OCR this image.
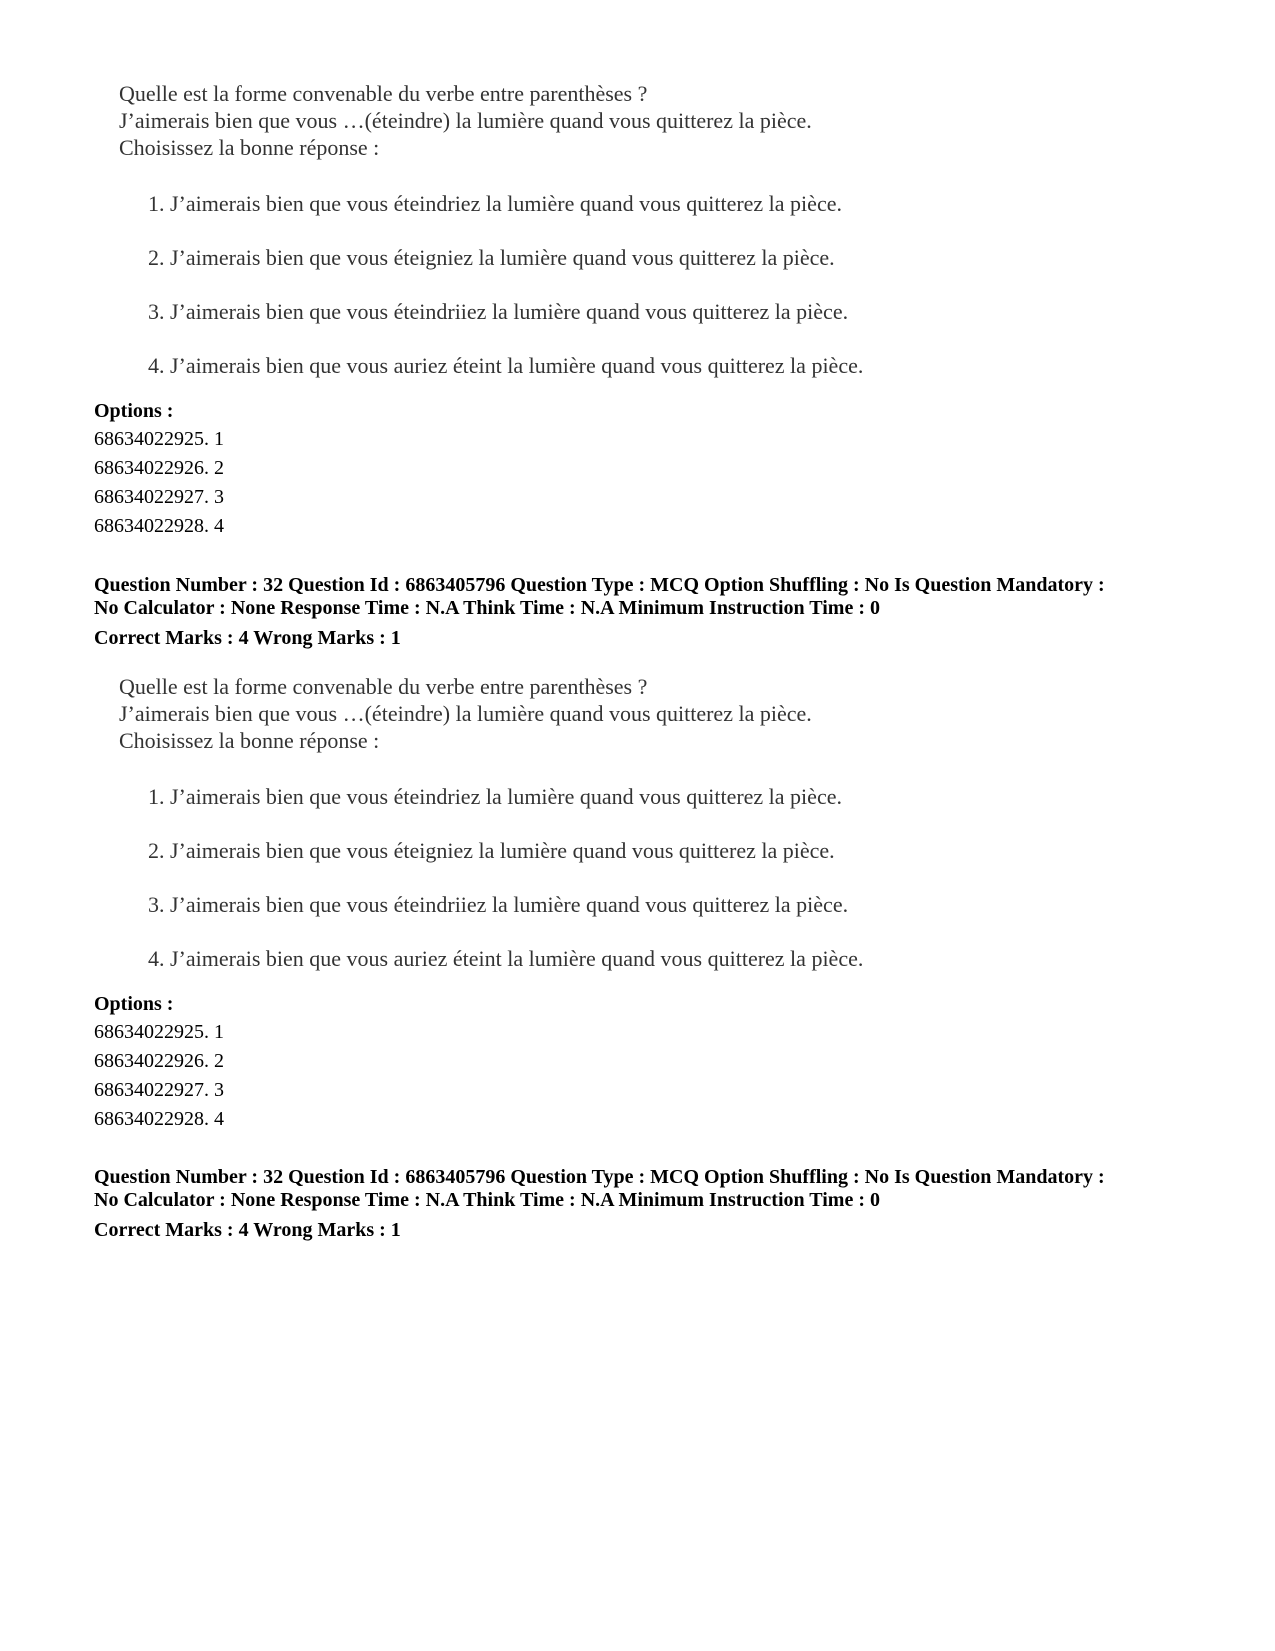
Quelle est la forme convenable du verbe entre parenthèses ?
J’aimerais bien que vous …(éteindre) la lumière quand vous quitterez la pièce.
Choisissez la bonne réponse :
1. J’aimerais bien que vous éteindriez la lumière quand vous quitterez la pièce.
2. J’aimerais bien que vous éteigniez la lumière quand vous quitterez la pièce.
3. J’aimerais bien que vous éteindriiez la lumière quand vous quitterez la pièce.
4. J’aimerais bien que vous auriez éteint la lumière quand vous quitterez la pièce.
Options :
68634022925. 1
68634022926. 2
68634022927. 3
68634022928. 4
Question Number : 32 Question Id : 6863405796 Question Type : MCQ Option Shuffling : No Is Question Mandatory :
No Calculator : None Response Time : N.A Think Time : N.A Minimum Instruction Time : 0
Correct Marks : 4 Wrong Marks : 1
Quelle est la forme convenable du verbe entre parenthèses ?
J’aimerais bien que vous …(éteindre) la lumière quand vous quitterez la pièce.
Choisissez la bonne réponse :
1. J’aimerais bien que vous éteindriez la lumière quand vous quitterez la pièce.
2. J’aimerais bien que vous éteigniez la lumière quand vous quitterez la pièce.
3. J’aimerais bien que vous éteindriiez la lumière quand vous quitterez la pièce.
4. J’aimerais bien que vous auriez éteint la lumière quand vous quitterez la pièce.
Options :
68634022925. 1
68634022926. 2
68634022927. 3
68634022928. 4
Question Number : 32 Question Id : 6863405796 Question Type : MCQ Option Shuffling : No Is Question Mandatory :
No Calculator : None Response Time : N.A Think Time : N.A Minimum Instruction Time : 0
Correct Marks : 4 Wrong Marks : 1
